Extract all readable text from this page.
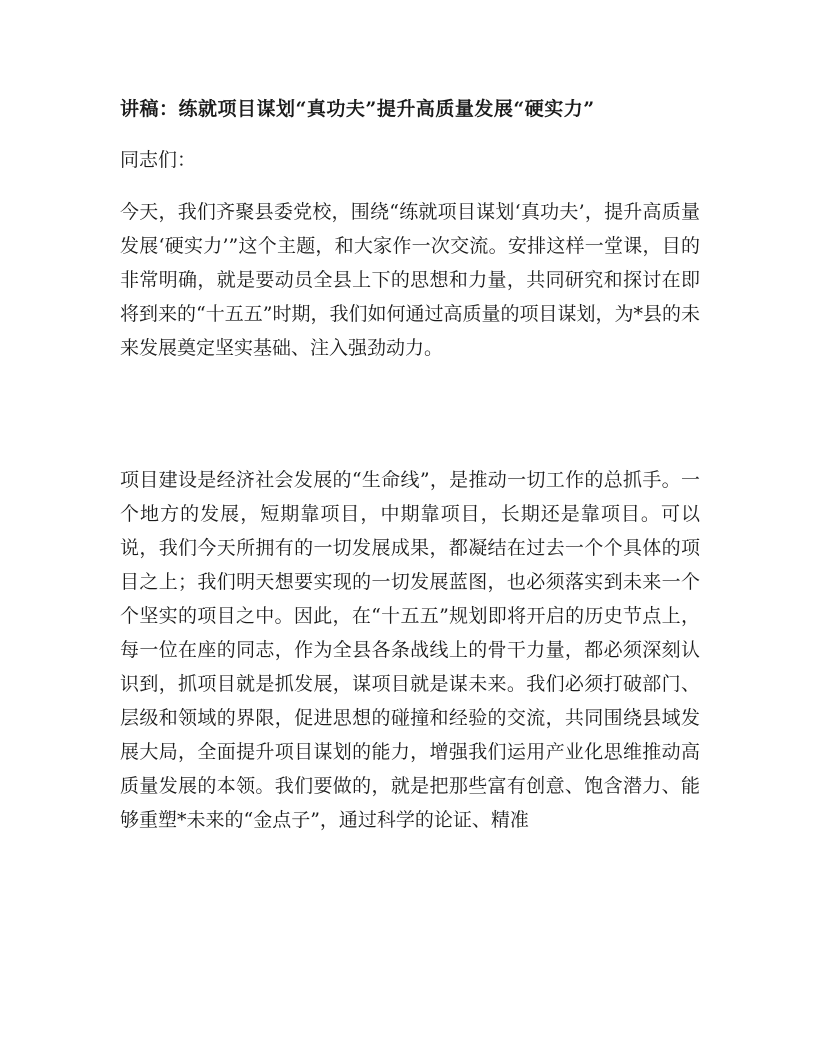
讲稿：练就项目谋划“真功夫”提升高质量发展“硬实力”

同志们：

今天，我们齐聚县委党校，围绕“练就项目谋划‘真功夫’，提升高质量发展‘硬实力’”这个主题，和大家作一次交流。安排这样一堂课，目的非常明确，就是要动员全县上下的思想和力量，共同研究和探讨在即将到来的“十五五”时期，我们如何通过高质量的项目谋划，为*县的未来发展奠定坚实基础、注入强劲动力。

项目建设是经济社会发展的“生命线”，是推动一切工作的总抓手。一个地方的发展，短期靠项目，中期靠项目，长期还是靠项目。可以说，我们今天所拥有的一切发展成果，都凝结在过去一个个具体的项目之上；我们明天想要实现的一切发展蓝图，也必须落实到未来一个个坚实的项目之中。因此，在“十五五”规划即将开启的历史节点上，每一位在座的同志，作为全县各条战线上的骨干力量，都必须深刻认识到，抓项目就是抓发展，谋项目就是谋未来。我们必须打破部门、层级和领域的界限，促进思想的碰撞和经验的交流，共同围绕县域发展大局，全面提升项目谋划的能力，增强我们运用产业化思维推动高质量发展的本领。我们要做的，就是把那些富有创意、饱含潜力、能够重塑*未来的“金点子”，通过科学的论证、精准
